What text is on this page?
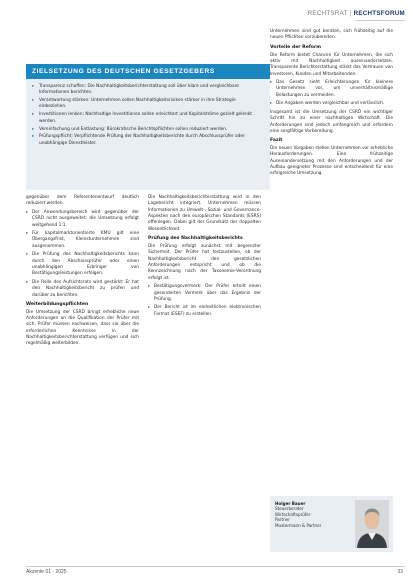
RECHTSRAT | RECHTSFORUM
ZIELSETZUNG DES DEUTSCHEN GESETZGEBERS
▸ Transparenz schaffen: Die Nachhaltigkeitsberichterstattung soll über klare und vergleichbare Informationen berichten.
▸ Verantwortung stärken: Unternehmen sollen Nachhaltigkeitsrisiken stärker in ihre Strategie einbeziehen.
▸ Investitionen lenken: Nachhaltige Investitionen sollen erleichtert und Kapitalströme gezielt gelenkt werden.
▸ Vereinfachung und Entlastung: Bürokratische Berichtspflichten sollen reduziert werden.
▸ Prüfungspflicht: Verpflichtende Prüfung der Nachhaltigkeitsberichte durch Abschlussprüfer oder unabhängige Dienstleister.

gegenüber dem Referentenentwurf deutlich reduziert werden.

▸ Der Anwendungsbereich wird gegenüber der CSRD nicht ausgeweitet; die Umsetzung erfolgt weitgehend 1:1.

▸ Für kapitalmarktorientierte KMU gilt eine Übergangsfrist, Kleinstunternehmen sind ausgenommen.

▸ Die Prüfung des Nachhaltigkeitsberichts kann durch den Abschlussprüfer oder einen unabhängigen Erbringer von Bestätigungsleistungen erfolgen.

▸ Die Rolle des Aufsichtsrats wird gestärkt: Er hat den Nachhaltigkeitsbericht zu prüfen und darüber zu berichten.

Weiterbildungspflichten

Die Umsetzung der CSRD bringt erhebliche neue Anforderungen an die Qualifikation der Prüfer mit sich. Prüfer müssen nachweisen, dass sie über die erforderlichen Kenntnisse in der Nachhaltigkeitsberichterstattung verfügen und sich regelmäßig weiterbilden.

Die Nachhaltigkeitsberichterstattung wird in den Lagebericht integriert. Unternehmen müssen Informationen zu Umwelt-, Sozial- und Governance-Aspekten nach den europäischen Standards (ESRS) offenlegen. Dabei gilt der Grundsatz der doppelten Wesentlichkeit.

Prüfung des Nachhaltigkeitsberichts

Die Prüfung erfolgt zunächst mit begrenzter Sicherheit. Der Prüfer hat festzustellen, ob der Nachhaltigkeitsbericht den gesetzlichen Anforderungen entspricht und ob die Kennzeichnung nach der Taxonomie-Verordnung erfolgt ist.

▸ Bestätigungsvermerk: Der Prüfer erteilt einen gesonderten Vermerk über das Ergebnis der Prüfung.

▸ Der Bericht ist im einheitlichen elektronischen Format (ESEF) zu erstellen.

Unternehmen sind gut beraten, sich frühzeitig auf die neuen Pflichten vorzubereiten.

Vorteile der Reform

Die Reform bietet Chancen für Unternehmen, die sich aktiv mit Nachhaltigkeit auseinandersetzen. Transparente Berichterstattung stärkt das Vertrauen von Investoren, Kunden und Mitarbeitenden.

▸ Das Gesetz sieht Erleichterungen für kleinere Unternehmen vor, um unverhältnismäßige Belastungen zu vermeiden.

▸ Die Angaben werden vergleichbar und verlässlich.

Insgesamt ist die Umsetzung der CSRD ein wichtiger Schritt hin zu einer nachhaltigen Wirtschaft. Die Anforderungen sind jedoch umfangreich und erfordern eine sorgfältige Vorbereitung.

Fazit

Die neuen Vorgaben stellen Unternehmen vor erhebliche Herausforderungen. Eine frühzeitige Auseinandersetzung mit den Anforderungen und der Aufbau geeigneter Prozesse sind entscheidend für eine erfolgreiche Umsetzung.

Holger Bauer
Steuerberater
Wirtschaftsprüfer
Partner
Mustermann & Partner
Akzente 01 · 2025	33
